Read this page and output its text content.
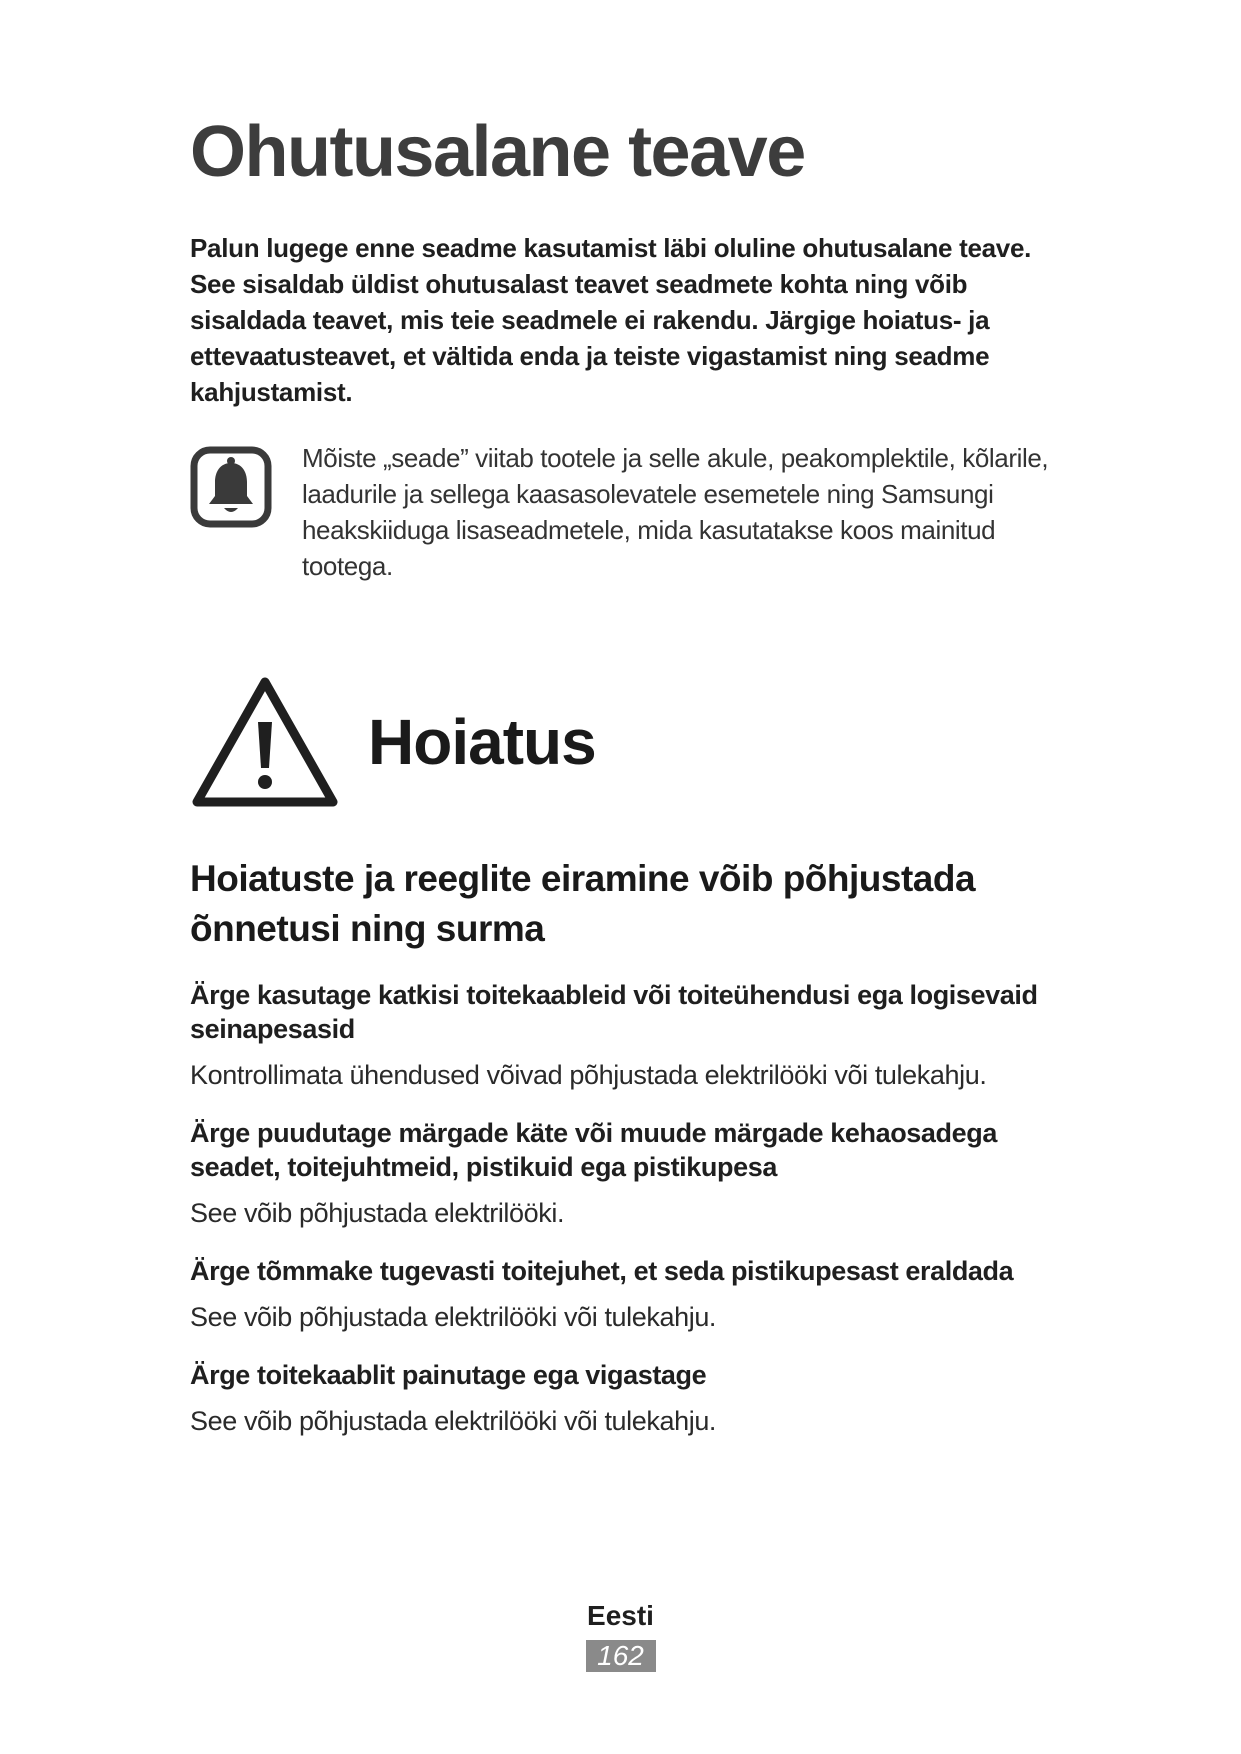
Ohutusalane teave
Palun lugege enne seadme kasutamist läbi oluline ohutusalane teave. See sisaldab üldist ohutusalast teavet seadmete kohta ning võib sisaldada teavet, mis teie seadmele ei rakendu. Järgige hoiatus- ja ettevaatusteavet, et vältida enda ja teiste vigastamist ning seadme kahjustamist.
Mõiste „seade” viitab tootele ja selle akule, peakomplektile, kõlarile, laadurile ja sellega kaasasolevatele esemetele ning Samsungi heakskiiduga lisaseadmetele, mida kasutatakse koos mainitud tootega.
Hoiatus
Hoiatuste ja reeglite eiramine võib põhjustada õnnetusi ning surma
Ärge kasutage katkisi toitekaableid või toiteühendusi ega logisevaid seinapesasid
Kontrollimata ühendused võivad põhjustada elektrilööki või tulekahju.
Ärge puudutage märgade käte või muude märgade kehaosadega seadet, toitejuhtmeid, pistikuid ega pistikupesa
See võib põhjustada elektrilööki.
Ärge tõmmake tugevasti toitejuhet, et seda pistikupesast eraldada
See võib põhjustada elektrilööki või tulekahju.
Ärge toitekaablit painutage ega vigastage
See võib põhjustada elektrilööki või tulekahju.
Eesti
162
